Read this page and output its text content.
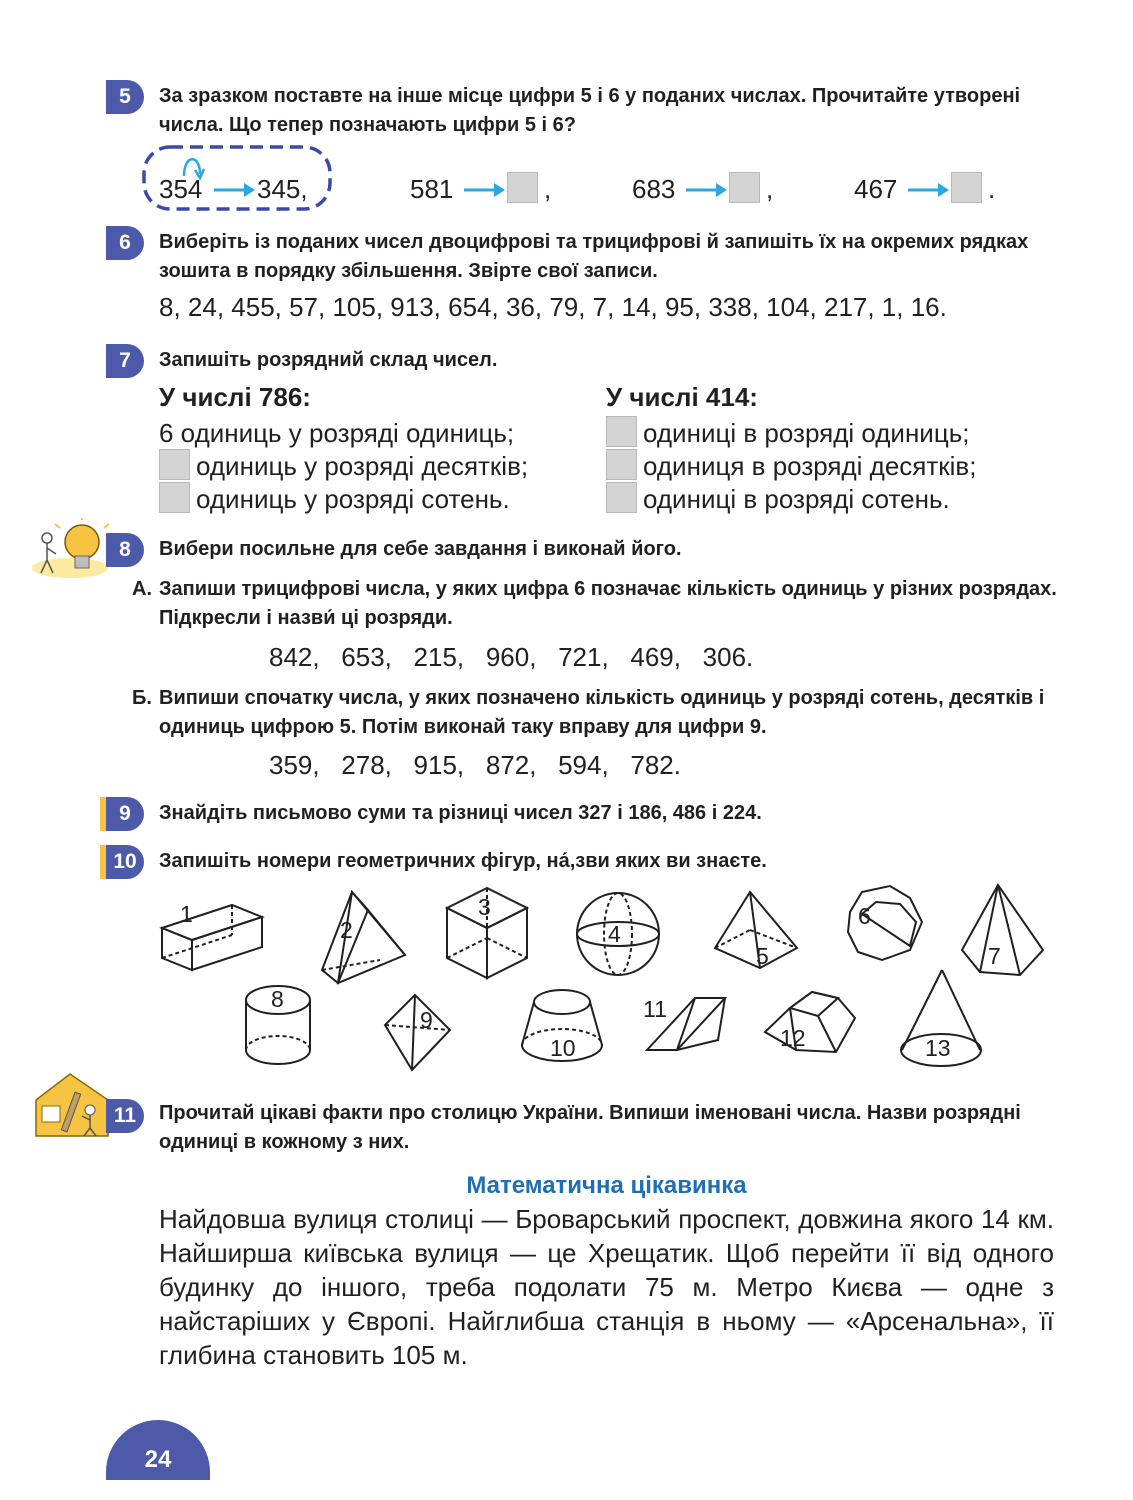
5	За зразком поставте на інше місце цифри 5 і 6 у поданих числах. Прочитайте утворені числа. Що тепер позначають цифри 5 і 6?
354 345,	581	,	683	,	467	.
6	Виберіть із поданих чисел двоцифрові та трицифрові й запишіть їх на окремих рядках зошита в порядку збільшення. Звірте свої записи.
8, 24, 455, 57, 105, 913, 654, 36, 79, 7, 14, 95, 338, 104, 217, 1, 16.
7	Запишіть розрядний склад чисел.
У числі 786:
6 одиниць у розряді одиниць;
одиниць у розряді десятків;
одиниць у розряді сотень.
У числі 414:
одиниці в розряді одиниць;
одиниця в розряді десятків;
одиниці в розряді сотень.
8	Вибери посильне для себе завдання і виконай його.
А. Запиши трицифрові числа, у яких цифра 6 позначає кількість одиниць у різних розрядах. Підкресли і назви́ ці розряди.
842,   653,   215,   960,   721,   469,   306.
Б. Випиши спочатку числа, у яких позначено кількість одиниць у розряді сотень, десятків і одиниць цифрою 5. Потім виконай таку вправу для цифри 9.
359,   278,   915,   872,   594,   782.
9	Знайдіть письмово суми та різниці чисел 327 і 186, 486 і 224.
10	Запишіть номери геометричних фігур, на́,зви яких ви знаєте.
1
2
3
4
5
6
7
8
9
10
11
12	13
11	Прочитай цікаві факти про столицю України. Випиши іменовані числа. Назви розрядні одиниці в кожному з них.
Математична цікавинка
Найдовша вулиця столиці — Броварський проспект, довжина якого 14 км. Найширша київська вулиця — це Хрещатик. Щоб перейти її від одного будинку до іншого, треба подолати 75 м. Метро Києва — одне з найстаріших у Європі. Найглибша станція в ньому — «Арсенальна», її глибина становить 105 м.
24
